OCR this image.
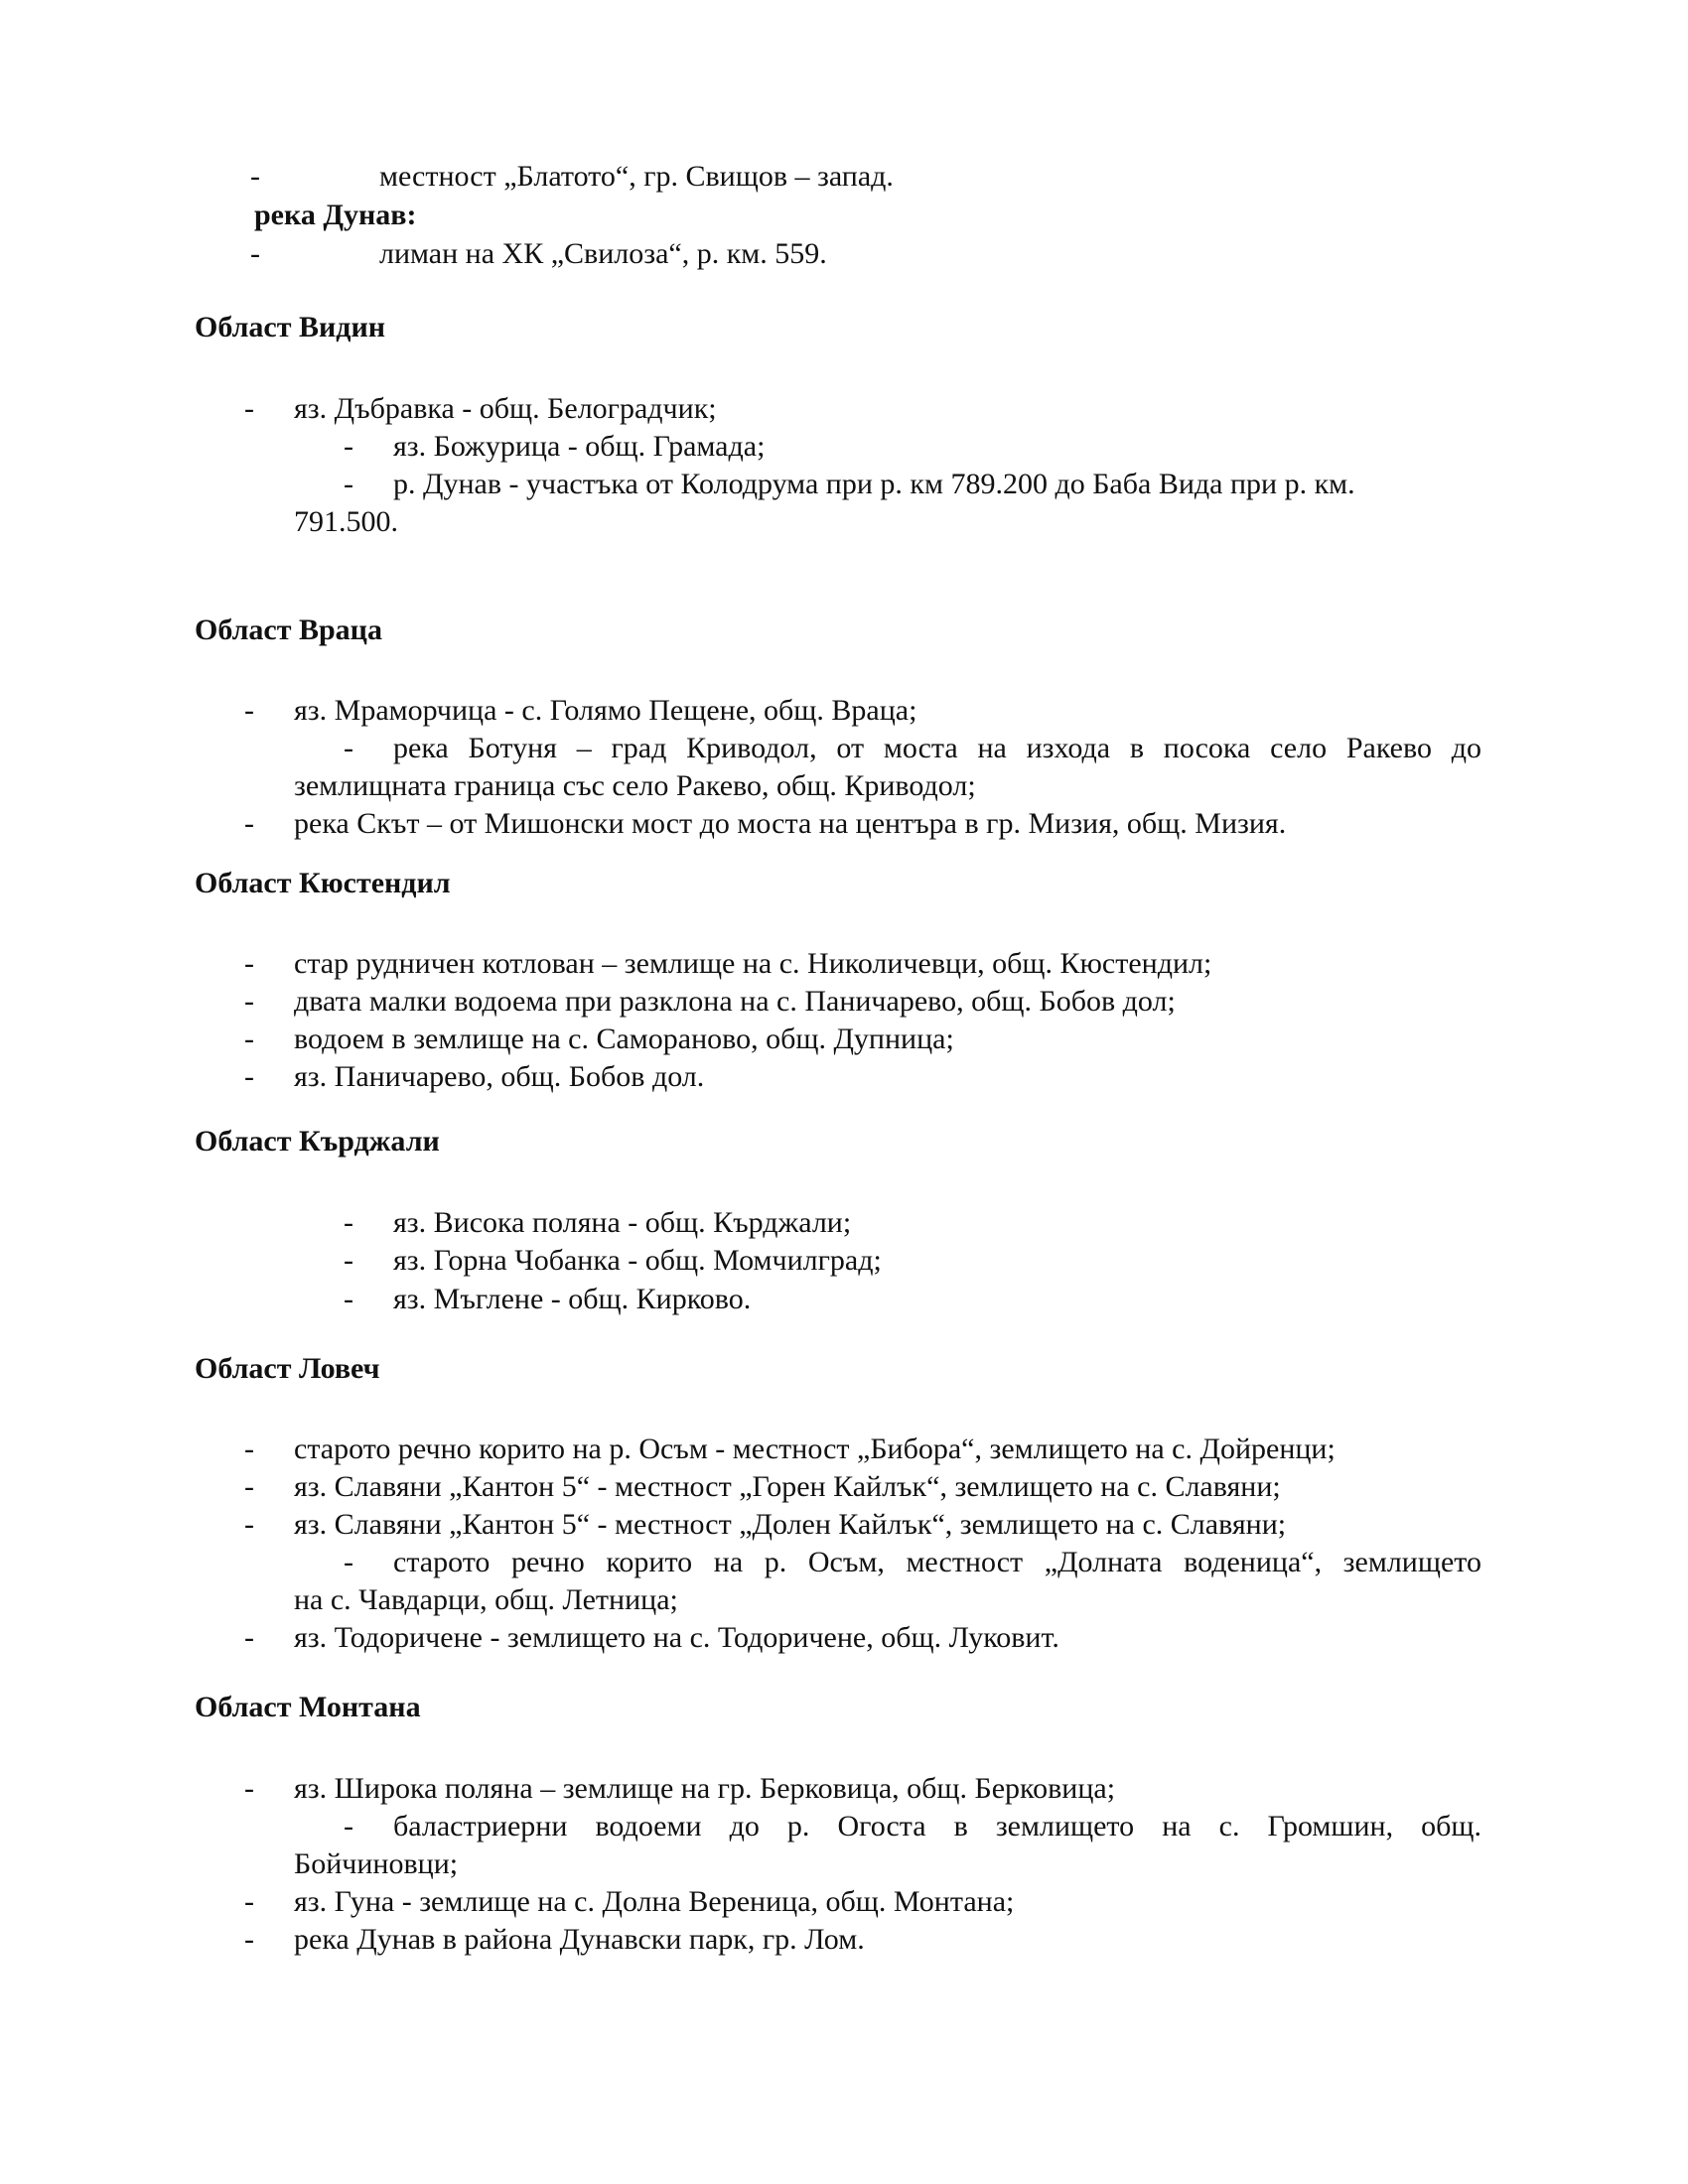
-	местност „Блатото“, гр. Свищов – запад.
река Дунав:
-	лиман на ХК „Свилоза“, р. км. 559.
Област Видин
- яз. Дъбравка - общ. Белоградчик;
- яз. Божурица - общ. Грамада;
- р. Дунав - участъка от Колодрума при р. км 789.200 до Баба Вида при р. км.
791.500.
Област Враца
- яз. Мраморчица - с. Голямо Пещене, общ. Враца;
- река Ботуня – град Криводол, от моста на изхода в посока село Ракево до
землищната граница със село Ракево, общ. Криводол;
- река Скът – от Мишонски мост до моста на центъра в гр. Мизия, общ. Мизия.
Област Кюстендил
- стар рудничен котлован – землище на с. Николичевци, общ. Кюстендил;
- двата малки водоема при разклона на с. Паничарево, общ. Бобов дол;
- водоем в землище на с. Самораново, общ. Дупница;
- яз. Паничарево, общ. Бобов дол.
Област Кърджали
- яз. Висока поляна - общ. Кърджали;
- яз. Горна Чобанка - общ. Момчилград;
- яз. Мъглене - общ. Кирково.
Област Ловеч
- старото речно корито на р. Осъм - местност „Бибора“, землището на с. Дойренци;
- яз. Славяни „Кантон 5“ - местност „Горен Кайлък“, землището на с. Славяни;
- яз. Славяни „Кантон 5“ - местност „Долен Кайлък“, землището на с. Славяни;
- старото речно корито на р. Осъм, местност „Долната воденица“, землището
на с. Чавдарци, общ. Летница;
- яз. Тодоричене - землището на с. Тодоричене, общ. Луковит.
Област Монтана
- яз. Широка поляна – землище на гр. Берковица, общ. Берковица;
- баластриерни водоеми до р. Огоста в землището на с. Громшин, общ.
Бойчиновци;
- яз. Гуна - землище на с. Долна Вереница, общ. Монтана;
- река Дунав в района Дунавски парк, гр. Лом.
